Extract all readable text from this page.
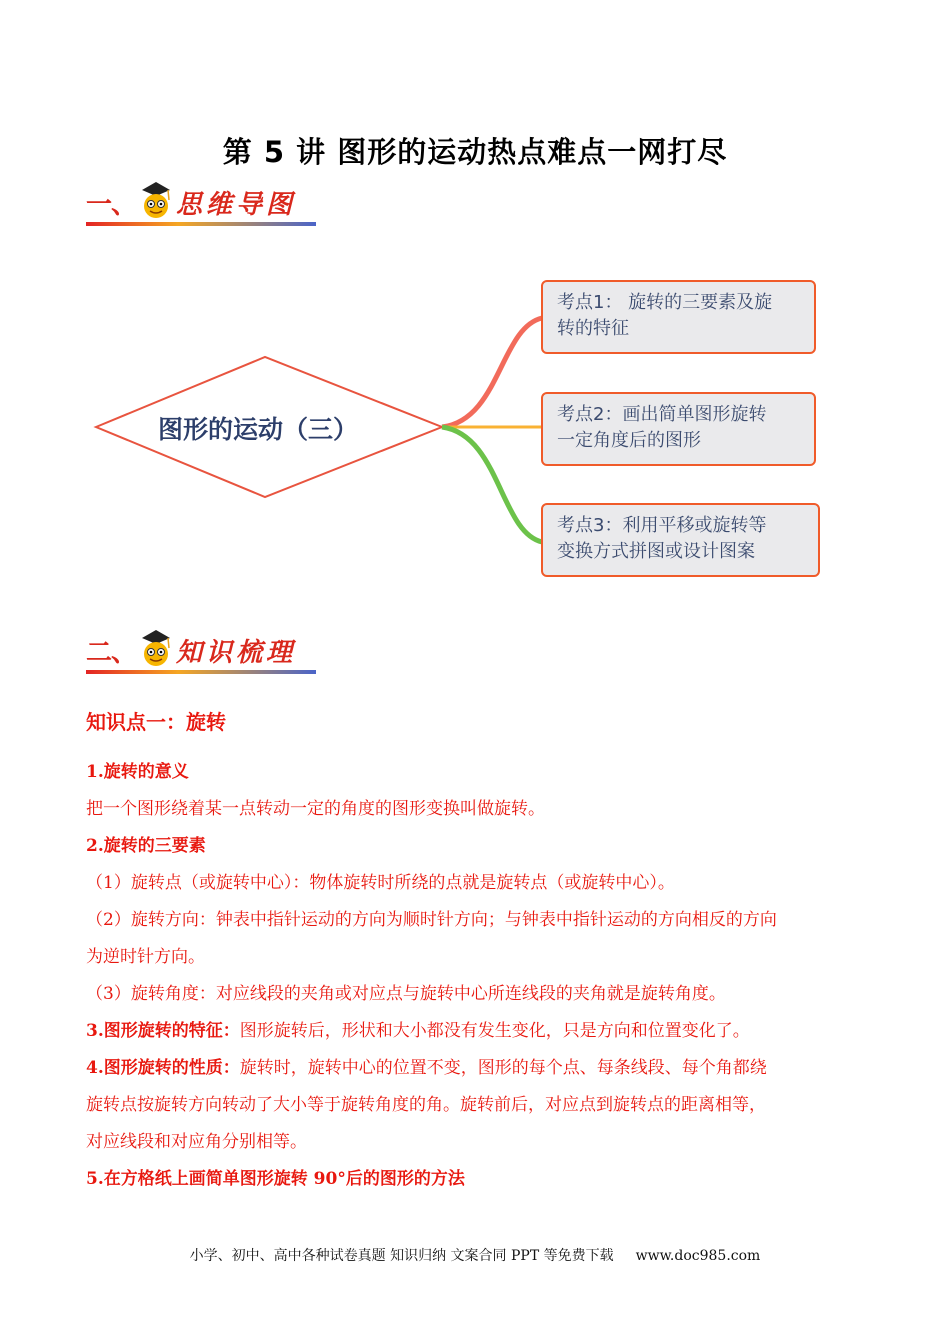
第 5 讲 图形的运动热点难点一网打尽
一、 思维导图
图形的运动（三）
考点1： 旋转的三要素及旋
转的特征
考点2：画出简单图形旋转
一定角度后的图形
考点3：利用平移或旋转等
变换方式拼图或设计图案
二、 知识梳理
知识点一：旋转

1.旋转的意义

把一个图形绕着某一点转动一定的角度的图形变换叫做旋转。

2.旋转的三要素

（1）旋转点（或旋转中心）：物体旋转时所绕的点就是旋转点（或旋转中心）。

（2）旋转方向：钟表中指针运动的方向为顺时针方向；与钟表中指针运动的方向相反的方向

为逆时针方向。

（3）旋转角度：对应线段的夹角或对应点与旋转中心所连线段的夹角就是旋转角度。

3.图形旋转的特征：图形旋转后，形状和大小都没有发生变化，只是方向和位置变化了。

4.图形旋转的性质：旋转时，旋转中心的位置不变，图形的每个点、每条线段、每个角都绕

旋转点按旋转方向转动了大小等于旋转角度的角。旋转前后，对应点到旋转点的距离相等，

对应线段和对应角分别相等。

5.在方格纸上画简单图形旋转 90°后的图形的方法

小学、初中、高中各种试卷真题 知识归纳 文案合同 PPT 等免费下载 www.doc985.com
